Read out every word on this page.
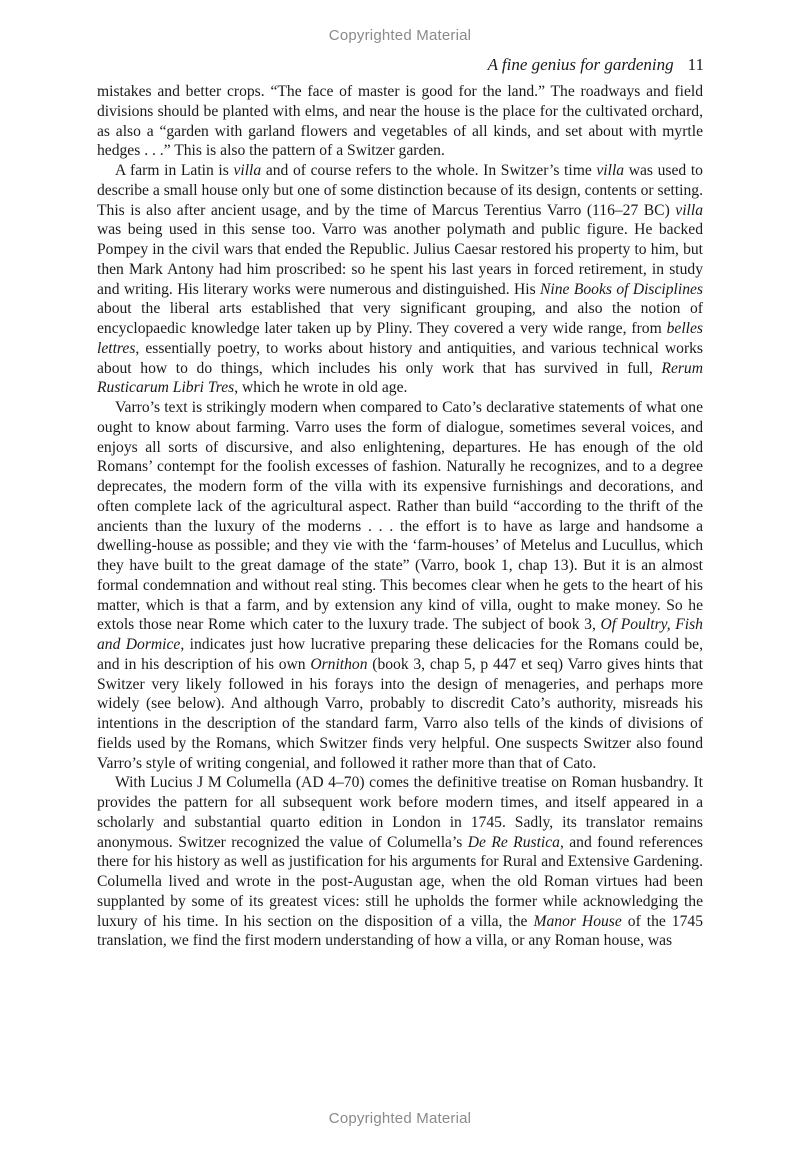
Copyrighted Material
A fine genius for gardening 11

mistakes and better crops. “The face of master is good for the land.” The roadways and field divisions should be planted with elms, and near the house is the place for the cultivated orchard, as also a “garden with garland flowers and vegetables of all kinds, and set about with myrtle hedges . . .” This is also the pattern of a Switzer garden.

A farm in Latin is villa and of course refers to the whole. In Switzer’s time villa was used to describe a small house only but one of some distinction because of its design, contents or setting. This is also after ancient usage, and by the time of Marcus Terentius Varro (116–27 BC) villa was being used in this sense too. Varro was another polymath and public figure. He backed Pompey in the civil wars that ended the Republic. Julius Caesar restored his property to him, but then Mark Antony had him proscribed: so he spent his last years in forced retirement, in study and writing. His literary works were numerous and distinguished. His Nine Books of Disciplines about the liberal arts established that very significant grouping, and also the notion of encyclopaedic knowledge later taken up by Pliny. They covered a very wide range, from belles lettres, essentially poetry, to works about history and antiquities, and various technical works about how to do things, which includes his only work that has survived in full, Rerum Rusticarum Libri Tres, which he wrote in old age.

Varro’s text is strikingly modern when compared to Cato’s declarative statements of what one ought to know about farming. Varro uses the form of dialogue, sometimes several voices, and enjoys all sorts of discursive, and also enlightening, departures. He has enough of the old Romans’ contempt for the foolish excesses of fashion. Naturally he recognizes, and to a degree deprecates, the modern form of the villa with its expensive furnishings and decorations, and often complete lack of the agricultural aspect. Rather than build “according to the thrift of the ancients than the luxury of the moderns . . . the effort is to have as large and handsome a dwelling-house as possible; and they vie with the ‘farm-houses’ of Metelus and Lucullus, which they have built to the great damage of the state” (Varro, book 1, chap 13). But it is an almost formal condemnation and without real sting. This becomes clear when he gets to the heart of his matter, which is that a farm, and by extension any kind of villa, ought to make money. So he extols those near Rome which cater to the luxury trade. The subject of book 3, Of Poultry, Fish and Dormice, indicates just how lucrative preparing these delicacies for the Romans could be, and in his description of his own Ornithon (book 3, chap 5, p 447 et seq) Varro gives hints that Switzer very likely followed in his forays into the design of menageries, and perhaps more widely (see below). And although Varro, probably to discredit Cato’s authority, misreads his intentions in the description of the standard farm, Varro also tells of the kinds of divisions of fields used by the Romans, which Switzer finds very helpful. One suspects Switzer also found Varro’s style of writing congenial, and followed it rather more than that of Cato.

With Lucius J M Columella (AD 4–70) comes the definitive treatise on Roman husbandry. It provides the pattern for all subsequent work before modern times, and itself appeared in a scholarly and substantial quarto edition in London in 1745. Sadly, its translator remains anonymous. Switzer recognized the value of Columella’s De Re Rustica, and found references there for his history as well as justification for his arguments for Rural and Extensive Gardening. Columella lived and wrote in the post-Augustan age, when the old Roman virtues had been supplanted by some of its greatest vices: still he upholds the former while acknowledging the luxury of his time. In his section on the disposition of a villa, the Manor House of the 1745 translation, we find the first modern understanding of how a villa, or any Roman house, was

Copyrighted Material
